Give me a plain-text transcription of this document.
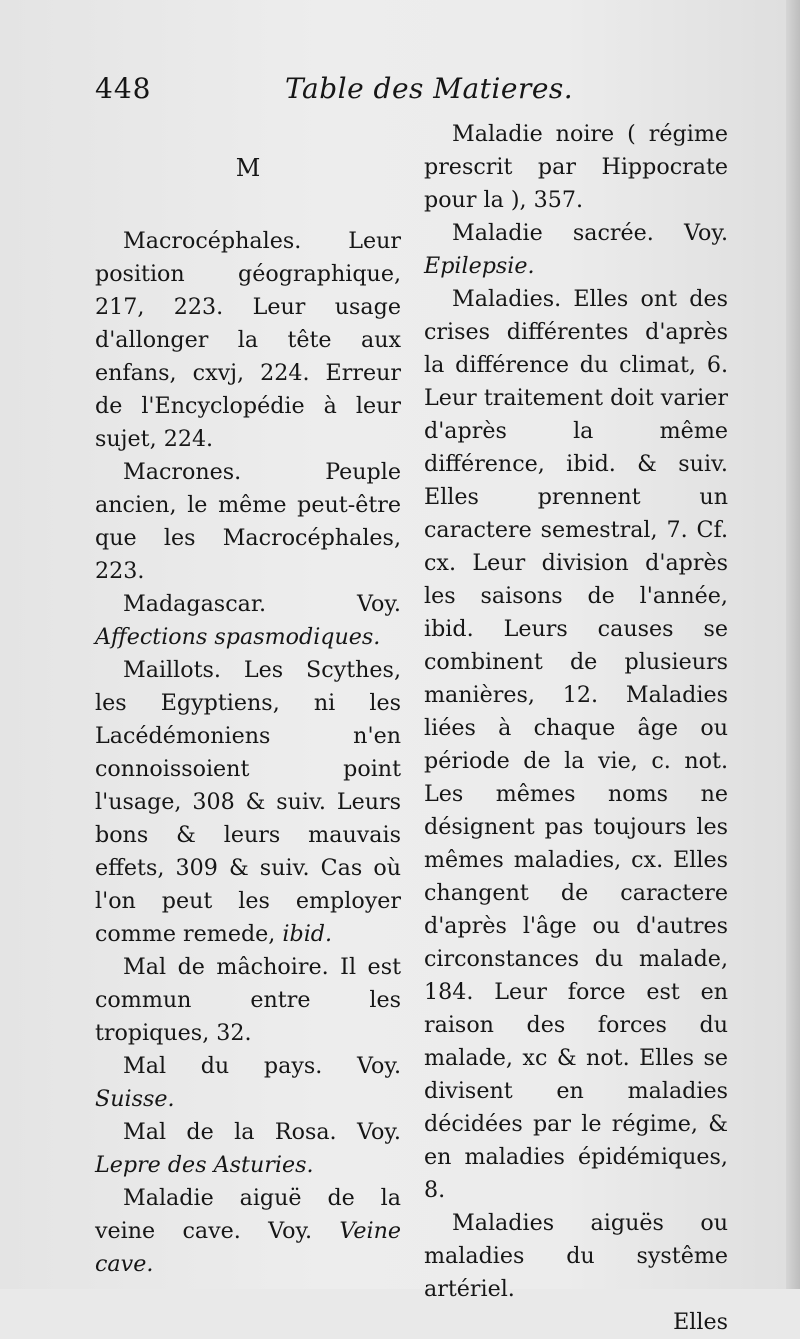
448	Table des Matieres.
M

Macrocéphales. Leur position géographique, 217, 223. Leur usage d'allonger la tête aux enfans, cxvj, 224. Erreur de l'Encyclopédie à leur sujet, 224.

Macrones. Peuple ancien, le même peut-être que les Macrocéphales, 223.

Madagascar. Voy. Affections spasmodiques.

Maillots. Les Scythes, les Egyptiens, ni les Lacédémoniens n'en connoissoient point l'usage, 308 & suiv. Leurs bons & leurs mauvais effets, 309 & suiv. Cas où l'on peut les employer comme remede, ibid.

Mal de mâchoire. Il est commun entre les tropiques, 32.

Mal du pays. Voy. Suisse.

Mal de la Rosa. Voy. Lepre des Asturies.

Maladie aiguë de la veine cave. Voy. Veine cave.

Maladie noire ( régime prescrit par Hippocrate pour la ), 357.

Maladie sacrée. Voy. Epilepsie.

Maladies. Elles ont des crises différentes d'après la différence du climat, 6. Leur traitement doit varier d'après la même différence, ibid. & suiv. Elles prennent un caractere semestral, 7. Cf. cx. Leur division d'après les saisons de l'année, ibid. Leurs causes se combinent de plusieurs manières, 12. Maladies liées à chaque âge ou période de la vie, c. not. Les mêmes noms ne désignent pas toujours les mêmes maladies, cx. Elles changent de caractere d'après l'âge ou d'autres circonstances du malade, 184. Leur force est en raison des forces du malade, xc & not. Elles se divisent en maladies décidées par le régime, & en maladies épidémiques, 8.

Maladies aiguës ou maladies du systême artériel.

Elles
